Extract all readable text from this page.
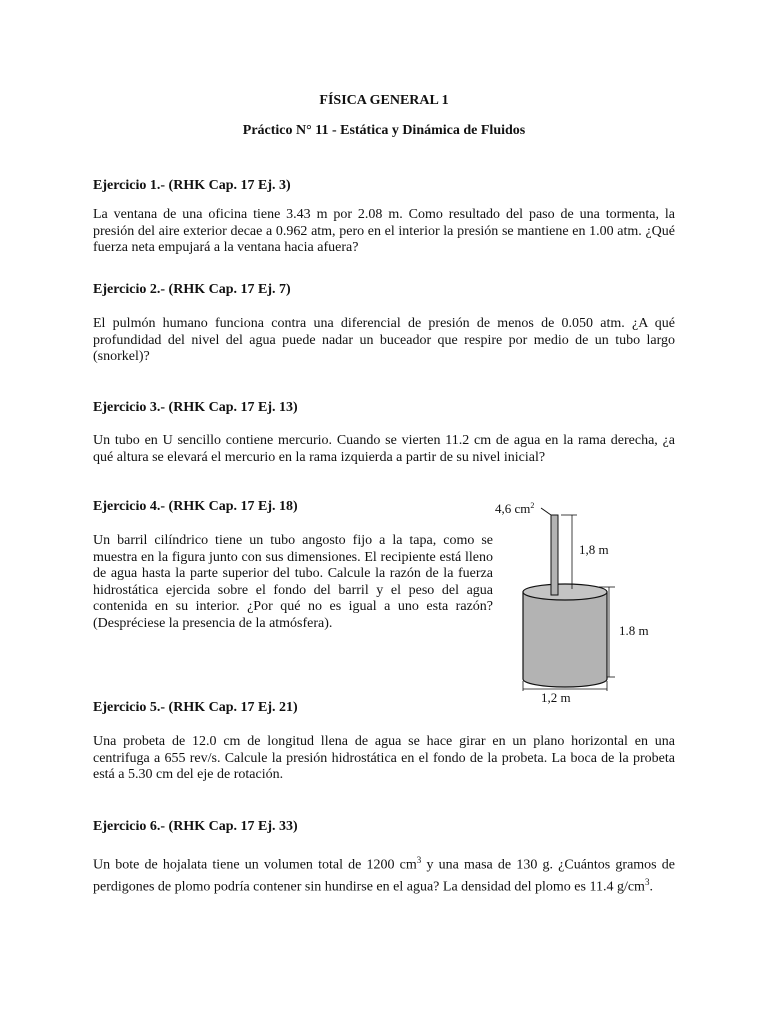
FÍSICA GENERAL 1
Práctico N° 11 - Estática y Dinámica de Fluidos
Ejercicio 1.- (RHK Cap. 17 Ej. 3)

La ventana de una oficina tiene 3.43 m por 2.08 m. Como resultado del paso de una tormenta, la presión del aire exterior decae a 0.962 atm, pero en el interior la presión se mantiene en 1.00 atm. ¿Qué fuerza neta empujará a la ventana hacia afuera?

Ejercicio 2.- (RHK Cap. 17 Ej. 7)

El pulmón humano funciona contra una diferencial de presión de menos de 0.050 atm. ¿A qué profundidad del nivel del agua puede nadar un buceador que respire por medio de un tubo largo (snorkel)?

Ejercicio 3.- (RHK Cap. 17 Ej. 13)

Un tubo en U sencillo contiene mercurio. Cuando se vierten 11.2 cm de agua en la rama derecha, ¿a qué altura se elevará el mercurio en la rama izquierda a partir de su nivel inicial?

Ejercicio 4.- (RHK Cap. 17 Ej. 18)

Un barril cilíndrico tiene un tubo angosto fijo a la tapa, como se muestra en la figura junto con sus dimensiones. El recipiente está lleno de agua hasta la parte superior del tubo. Calcule la razón de la fuerza hidrostática ejercida sobre el fondo del barril y el peso del agua contenida en su interior. ¿Por qué no es igual a uno esta razón? (Despréciese la presencia de la atmósfera).

4,6 $cm^2$
1,8 m
1.8 m
1,2 m
Ejercicio 5.- (RHK Cap. 17 Ej. 21)

Una probeta de 12.0 cm de longitud llena de agua se hace girar en un plano horizontal en una centrifuga a 655 rev/s. Calcule la presión hidrostática en el fondo de la probeta. La boca de la probeta está a 5.30 cm del eje de rotación.

Ejercicio 6.- (RHK Cap. 17 Ej. 33)

Un bote de hojalata tiene un volumen total de 1200 $cm^3$ y una masa de 130 g. ¿Cuántos gramos de perdigones de plomo podría contener sin hundirse en el agua? La densidad del plomo es 11.4 $g/cm^3$.
